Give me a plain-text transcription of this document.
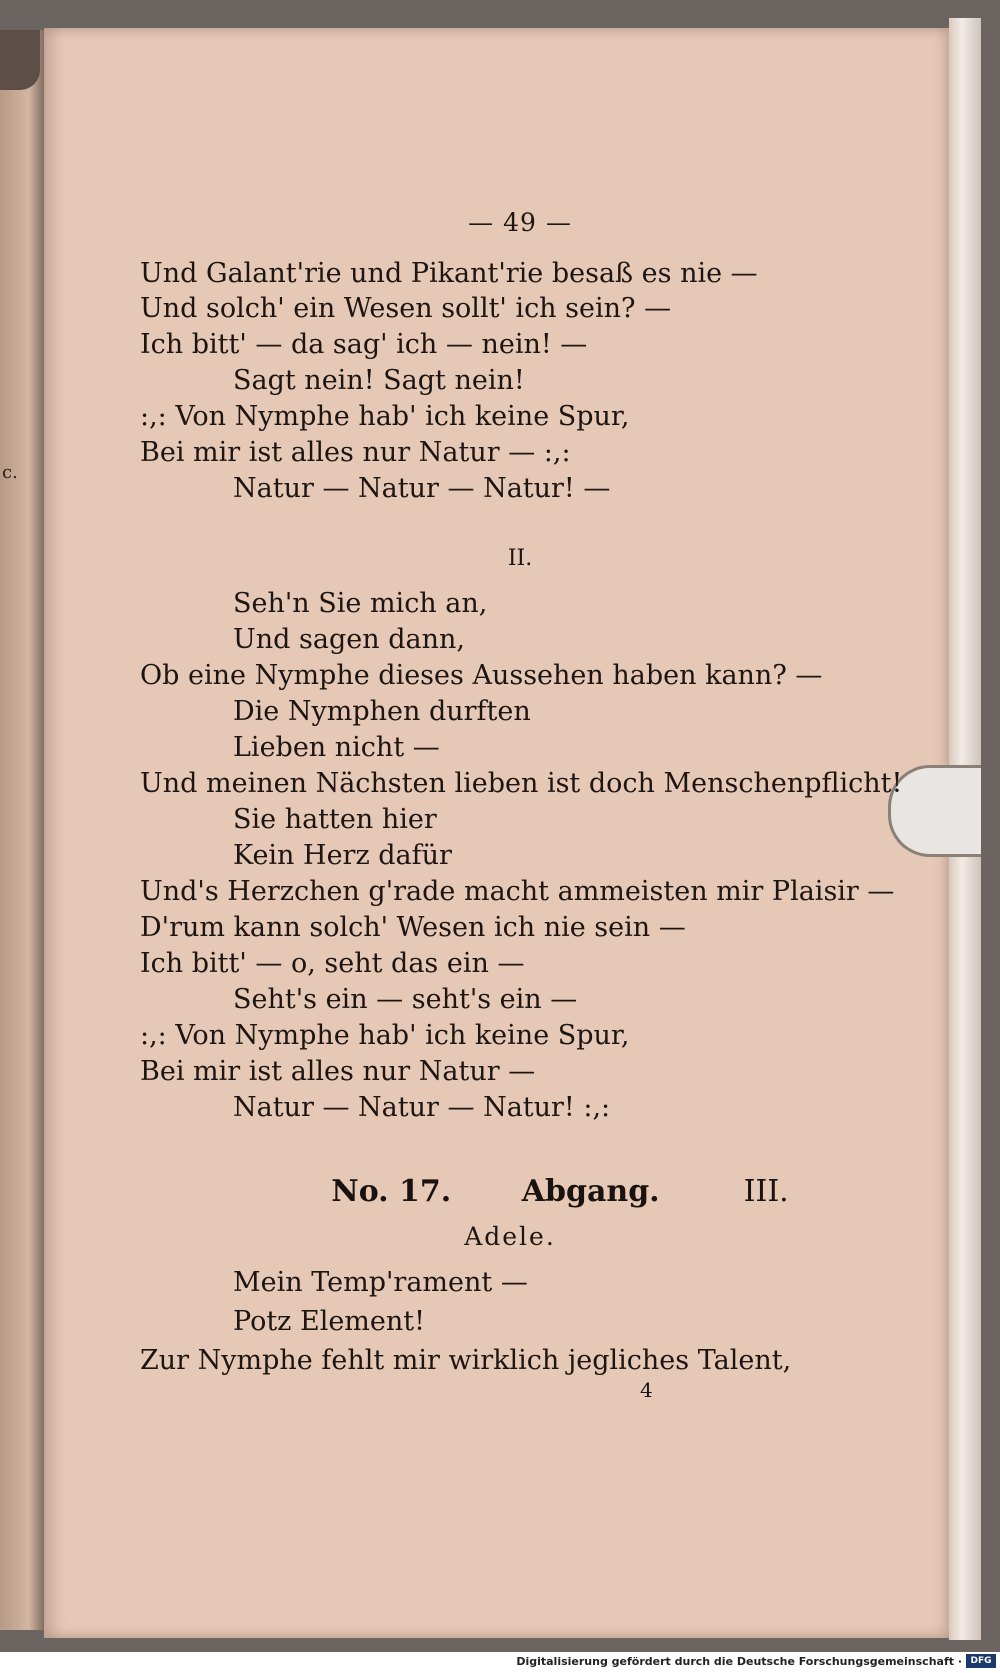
c.
— 49 —
Und Galant'rie und Pikant'rie besaß es nie —
Und solch' ein Wesen sollt' ich sein? —
Ich bitt' — da sag' ich — nein! —
Sagt nein! Sagt nein!
:,: Von Nymphe hab' ich keine Spur,
Bei mir ist alles nur Natur — :,:
Natur — Natur — Natur! —
II.
Seh'n Sie mich an,
Und sagen dann,
Ob eine Nymphe dieses Aussehen haben kann? —
Die Nymphen durften
Lieben nicht —
Und meinen Nächsten lieben ist doch Menschenpflicht!
Sie hatten hier
Kein Herz dafür
Und's Herzchen g'rade macht ammeisten mir Plaisir —
D'rum kann solch' Wesen ich nie sein —
Ich bitt' — o, seht das ein —
Seht's ein — seht's ein —
:,: Von Nymphe hab' ich keine Spur,
Bei mir ist alles nur Natur —
Natur — Natur — Natur! :,:
No. 17. Abgang.	III.
Adele.
Mein Temp'rament —
Potz Element!
Zur Nymphe fehlt mir wirklich jegliches Talent,
4
Digitalisierung gefördert durch die Deutsche Forschungsgemeinschaft · DFG
